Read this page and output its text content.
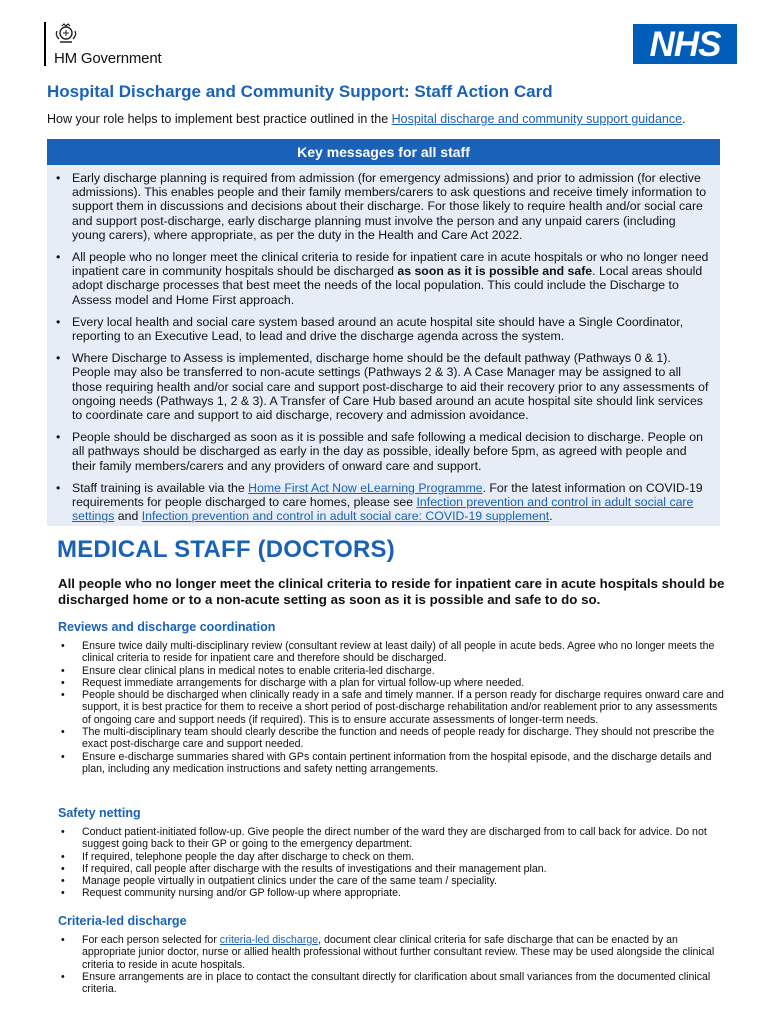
HM Government	NHS
Hospital Discharge and Community Support: Staff Action Card
How your role helps to implement best practice outlined in the Hospital discharge and community support guidance.
Key messages for all staff
• Early discharge planning is required from admission (for emergency admissions) and prior to admission (for elective admissions). This enables people and their family members/carers to ask questions and receive timely information to support them in discussions and decisions about their discharge. For those likely to require health and/or social care and support post-discharge, early discharge planning must involve the person and any unpaid carers (including young carers), where appropriate, as per the duty in the Health and Care Act 2022.
• All people who no longer meet the clinical criteria to reside for inpatient care in acute hospitals or who no longer need inpatient care in community hospitals should be discharged as soon as it is possible and safe. Local areas should adopt discharge processes that best meet the needs of the local population. This could include the Discharge to Assess model and Home First approach.
• Every local health and social care system based around an acute hospital site should have a Single Coordinator, reporting to an Executive Lead, to lead and drive the discharge agenda across the system.
• Where Discharge to Assess is implemented, discharge home should be the default pathway (Pathways 0 & 1). People may also be transferred to non-acute settings (Pathways 2 & 3). A Case Manager may be assigned to all those requiring health and/or social care and support post-discharge to aid their recovery prior to any assessments of ongoing needs (Pathways 1, 2 & 3). A Transfer of Care Hub based around an acute hospital site should link services to coordinate care and support to aid discharge, recovery and admission avoidance.
• People should be discharged as soon as it is possible and safe following a medical decision to discharge. People on all pathways should be discharged as early in the day as possible, ideally before 5pm, as agreed with people and their family members/carers and any providers of onward care and support.
• Staff training is available via the Home First Act Now eLearning Programme. For the latest information on COVID-19 requirements for people discharged to care homes, please see Infection prevention and control in adult social care settings and Infection prevention and control in adult social care: COVID-19 supplement.
MEDICAL STAFF (DOCTORS)
All people who no longer meet the clinical criteria to reside for inpatient care in acute hospitals should be discharged home or to a non-acute setting as soon as it is possible and safe to do so.
Reviews and discharge coordination
• Ensure twice daily multi-disciplinary review (consultant review at least daily) of all people in acute beds. Agree who no longer meets the clinical criteria to reside for inpatient care and therefore should be discharged.
• Ensure clear clinical plans in medical notes to enable criteria-led discharge.
• Request immediate arrangements for discharge with a plan for virtual follow-up where needed.
• People should be discharged when clinically ready in a safe and timely manner. If a person ready for discharge requires onward care and support, it is best practice for them to receive a short period of post-discharge rehabilitation and/or reablement prior to any assessments of ongoing care and support needs (if required). This is to ensure accurate assessments of longer-term needs.
• The multi-disciplinary team should clearly describe the function and needs of people ready for discharge. They should not prescribe the exact post-discharge care and support needed.
• Ensure e-discharge summaries shared with GPs contain pertinent information from the hospital episode, and the discharge details and plan, including any medication instructions and safety netting arrangements.
Safety netting
• Conduct patient-initiated follow-up. Give people the direct number of the ward they are discharged from to call back for advice. Do not suggest going back to their GP or going to the emergency department.
• If required, telephone people the day after discharge to check on them.
• If required, call people after discharge with the results of investigations and their management plan.
• Manage people virtually in outpatient clinics under the care of the same team / speciality.
• Request community nursing and/or GP follow-up where appropriate.
Criteria-led discharge
• For each person selected for criteria-led discharge, document clear clinical criteria for safe discharge that can be enacted by an appropriate junior doctor, nurse or allied health professional without further consultant review. These may be used alongside the clinical criteria to reside in acute hospitals.
• Ensure arrangements are in place to contact the consultant directly for clarification about small variances from the documented clinical criteria.
